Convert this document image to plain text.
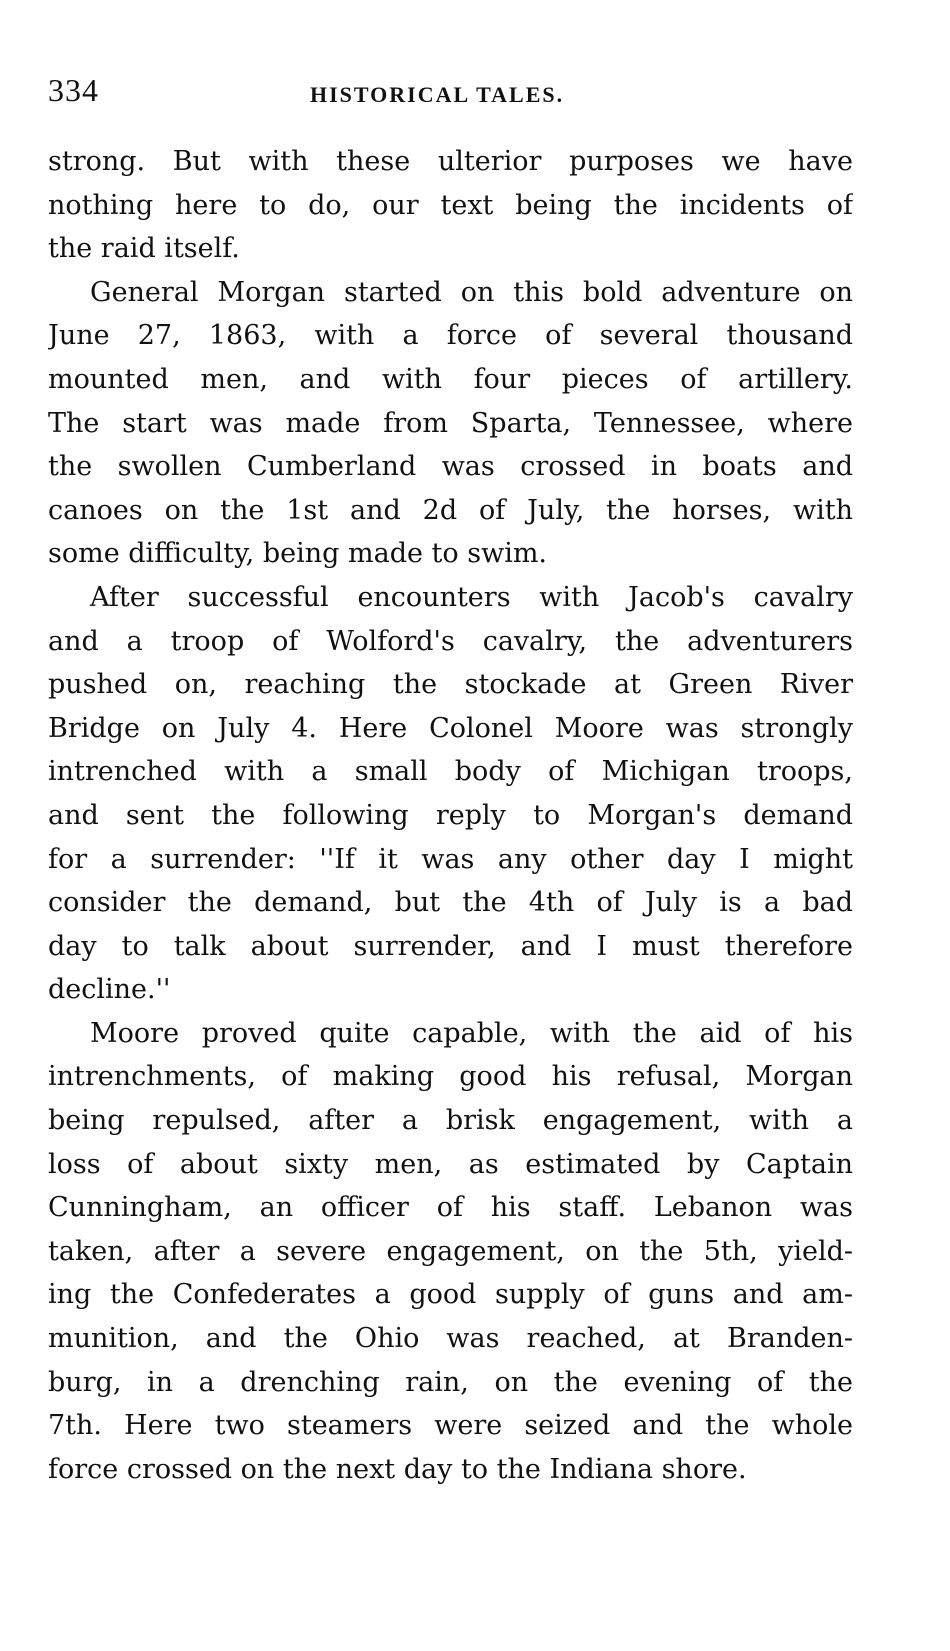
334	HISTORICAL TALES.

strong. But with these ulterior purposes we have
nothing here to do, our text being the incidents of
the raid itself.

General Morgan started on this bold adventure on
June 27, 1863, with a force of several thousand
mounted men, and with four pieces of artillery.
The start was made from Sparta, Tennessee, where
the swollen Cumberland was crossed in boats and
canoes on the 1st and 2d of July, the horses, with
some difficulty, being made to swim.

After successful encounters with Jacob's cavalry
and a troop of Wolford's cavalry, the adventurers
pushed on, reaching the stockade at Green River
Bridge on July 4. Here Colonel Moore was strongly
intrenched with a small body of Michigan troops,
and sent the following reply to Morgan's demand
for a surrender: ''If it was any other day I might
consider the demand, but the 4th of July is a bad
day to talk about surrender, and I must therefore
decline.''

Moore proved quite capable, with the aid of his
intrenchments, of making good his refusal, Morgan
being repulsed, after a brisk engagement, with a
loss of about sixty men, as estimated by Captain
Cunningham, an officer of his staff. Lebanon was
taken, after a severe engagement, on the 5th, yield-
ing the Confederates a good supply of guns and am-
munition, and the Ohio was reached, at Branden-
burg, in a drenching rain, on the evening of the
7th. Here two steamers were seized and the whole
force crossed on the next day to the Indiana shore.
